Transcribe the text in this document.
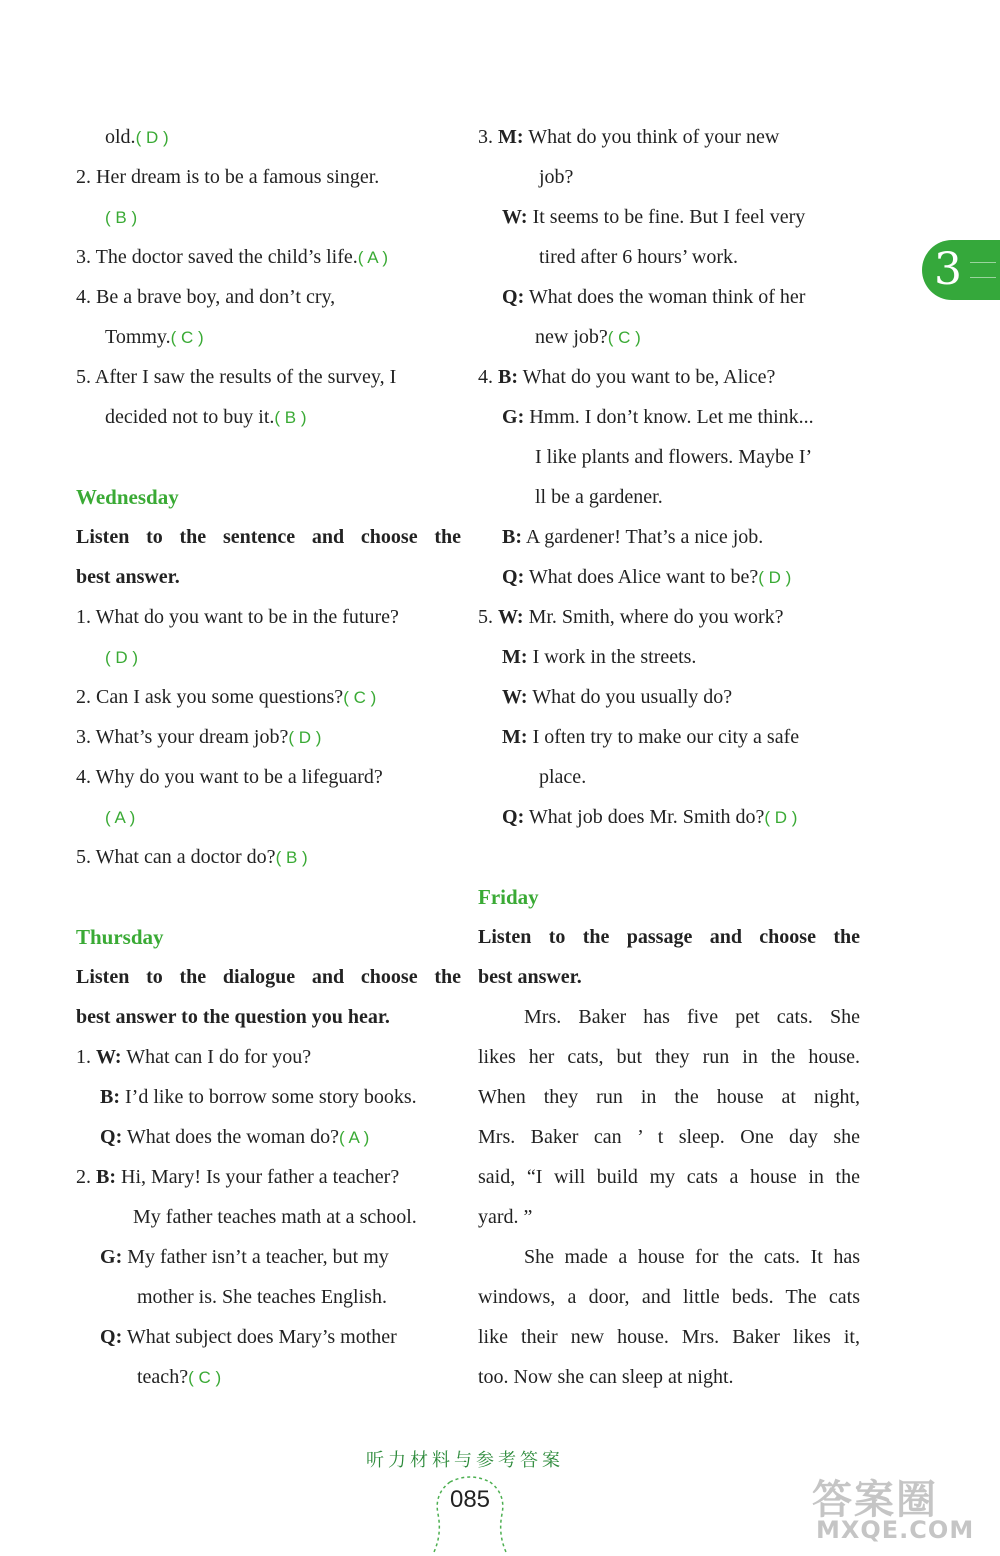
old.( D )
2. Her dream is to be a famous singer.
( B )
3. The doctor saved the child’s life.( A )
4. Be a brave boy, and don’t cry,
Tommy.( C )
5. After I saw the results of the survey, I
decided not to buy it.( B )
Wednesday
Listen to the sentence and choose the
best answer.
1. What do you want to be in the future?
( D )
2. Can I ask you some questions?( C )
3. What’s your dream job?( D )
4. Why do you want to be a lifeguard?
( A )
5. What can a doctor do?( B )
Thursday
Listen to the dialogue and choose the
best answer to the question you hear.
1. W: What can I do for you?
B: I’d like to borrow some story books.
Q: What does the woman do?( A )
2. B: Hi, Mary! Is your father a teacher?
My father teaches math at a school.
G: My father isn’t a teacher, but my
mother is. She teaches English.
Q: What subject does Mary’s mother
teach?( C )
3. M: What do you think of your new
job?
W: It seems to be fine. But I feel very
tired after 6 hours’ work.
Q: What does the woman think of her
new job?( C )
4. B: What do you want to be, Alice?
G: Hmm. I don’t know. Let me think...
I like plants and flowers. Maybe I’
ll be a gardener.
B: A gardener! That’s a nice job.
Q: What does Alice want to be?( D )
5. W: Mr. Smith, where do you work?
M: I work in the streets.
W: What do you usually do?
M: I often try to make our city a safe
place.
Q: What job does Mr. Smith do?( D )
Friday
Listen to the passage and choose the
best answer.
Mrs. Baker has five pet cats. She
likes her cats, but they run in the house.
When they run in the house at night,
Mrs. Baker can ’ t sleep. One day she
said, “I will build my cats a house in the
yard. ”
She made a house for the cats. It has
windows, a door, and little beds. The cats
like their new house. Mrs. Baker likes it,
too. Now she can sleep at night.
3
听力材料与参考答案
085	答案圈
MXQE.COM
